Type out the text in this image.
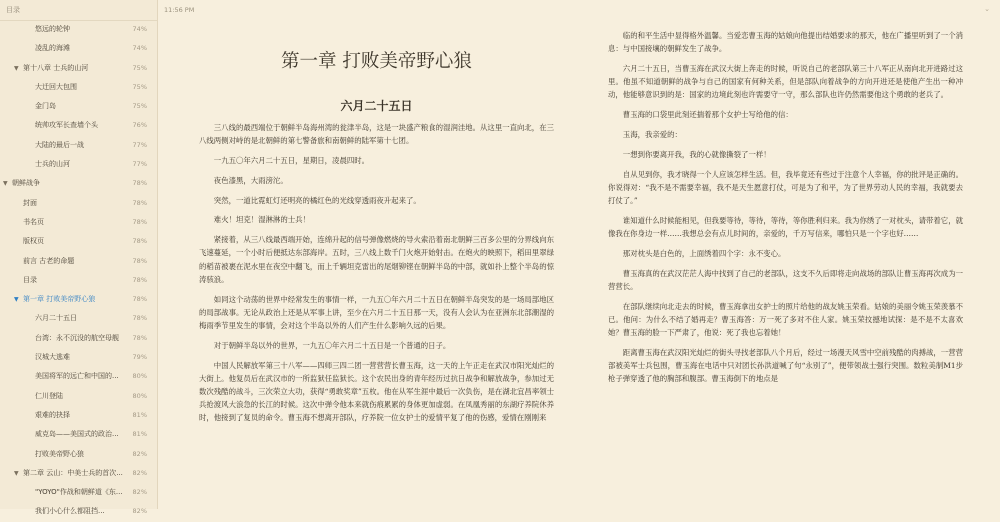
目录
悠远的轮钟	74%
凌乱的海滩	74%
▼ 第十八章 士兵的山河	75%
大迁回大包围	75%
金门岛	75%
统帅攻军长查墙个头	76%
大陆的最后一战	77%
士兵的山河	77%
▼ 朝鲜战争	78%
封面	78%
书名页	78%
版权页	78%
前言 古老的命题	78%
目录	78%
▼ 第一章 打败美帝野心狼	78%
六月二十五日	78%
台湾：永不沉没的航空母舰	78%
汉城大逃难	79%
美国将军的远亡和中国的...	80%
仁川登陆	80%
艰难的抉择	81%
威克岛——美国式的政治...	81%
打败美帝野心狼	82%
▼ 第二章 云山：中美士兵的首次... 82%
"YOYO"作战和朝鲜道《东... 82%
我们小心什么都阻挡...	82%
11:56 PM	⌄
第一章 打败美帝野心狼
六月二十五日

三八线的最西端位于朝鲜半岛海州湾的瓮津半岛，这是一块盛产粮食的湿润洼地。从这里一直向北，在三八线两侧对峙的是北朝鲜的第七警备旅和南朝鲜的陆军第十七团。

一九五〇年六月二十五日，星期日，凌晨四时。

夜色漆黑，大雨滂沱。

突然，一道比霓虹灯还明亮的橘红色的光线穿透雨夜升起来了。

难火！坦克！湿淋淋的士兵！

紧接着，从三八线最西端开始，连绵升起的信号弹像燃烧的导火索沿着南北朝鲜三百多公里的分界线向东飞速蔓延，一个小时后便抵达东部海岸。五时，三八线上数千门火炮开始射击。在炮火的映照下，稻田里翠绿的稻苗被裹在泥水里在夜空中翻飞，而上千辆坦克雷出的尾烟铆铿在朝鲜半岛的中部，就如扑上整个半岛的惊涛骇浪。

如同这个动荡的世界中经常发生的事情一样，一九五〇年六月二十五日在朝鲜半岛突发的是一场局部地区的局部战事。无论从政治上还是从军事上讲，至少在六月二十五日那一天，没有人会认为在亚洲东北部潮湿的梅雨季节里发生的事情，会对这个半岛以外的人们产生什么影响久远的后果。

对于朝鲜半岛以外的世界，一九五〇年六月二十五日是一个普通的日子。

中国人民解放军第三十八军——四师三四二团一营营营长曹玉海，这一天的上午正走在武汉市阳光灿烂的大街上。他复员后在武汉市的一所监狱任监狱长。这个农民出身的青年经历过抗日战争和解放战争，参加过无数次残酷的战斗，三次荣立大功，获得“勇敢奖章”五枚。他在从军生涯中最后一次负伤，是在湖北宜昌率领士兵抢渡风大浪急的长江的时候。这次中弹令他本来就伤痕累累的身体更加虚弱。在凤凰秀丽的东湖疗养院休养时，他接到了复员的命令。曹玉海不想离开部队，疗养院一位女护士的爱情平复了他的伤感，爱情在刚刚来

临的和平生活中显得格外温馨。当爱恋曹玉海的姑娘向他提出结婚要求的那天，他在广播里听到了一个消息：与中国接壤的朝鲜发生了战争。

六月二十五日，当曹玉海在武汉大街上奔走的时候，听说自己的老部队第三十八军正从南向北开进路过这里。他虽不知道朝鲜的战争与自己的国家有何种关系，但是部队向着战争的方向开进还是使他产生出一种冲动，他能够意识到的是：国家的边境此刻也许需要守一守，那么部队也许仍然需要他这个勇敢的老兵了。

曹玉海的口袋里此刻还揣着那个女护士写给他的信：

玉海，我亲爱的：

一想到你要离开我，我的心就像撕裂了一样！

自从见到你，我才晓得一个人应该怎样生活。但，我毕竟还有些过于注意个人幸福，你的批评是正确的。你说得对：“我不是不需要幸福，我不是天生愿意打仗，可是为了和平，为了世界劳动人民的幸福，我就要去打仗了。”

谁知道什么时候能相见，但我要等待，等待，等待，等你胜利归来。我为你绣了一对枕头，请带着它，就像我在你身边一样……我想总会有点儿时间的，亲爱的，千万写信来，哪怕只是一个字也好……

那对枕头是白色的，上面绣着四个字：永不变心。

曹玉海真的在武汉茫茫人海中找到了自己的老部队，这支不久后即将走向战场的部队让曹玉海再次成为一营营长。

在部队继续向北走去的时候，曹玉海拿出女护士的照片给他的战友姚玉荣看。姑娘的美丽令姚玉荣羡慕不已。他问：为什么不结了婚再走？曹玉海答：万一死了多对不住人家。姚玉荣抆撼地试探：是不是不太喜欢她？曹玉海的脸一下严肃了，他说：死了我也忘着她！

距离曹玉海在武汉阳光灿烂的街头寻找老部队八个月后，经过一场漫天风雪中空前残酷的肉搏战，一营营部被美军士兵包围，曹玉海在电话中只对团长孙洪道喊了句“永别了”，便带领战士强行突围。数粒美制M1步枪子弹穿透了他的胸部和腹部。曹玉海倒下的地点是
